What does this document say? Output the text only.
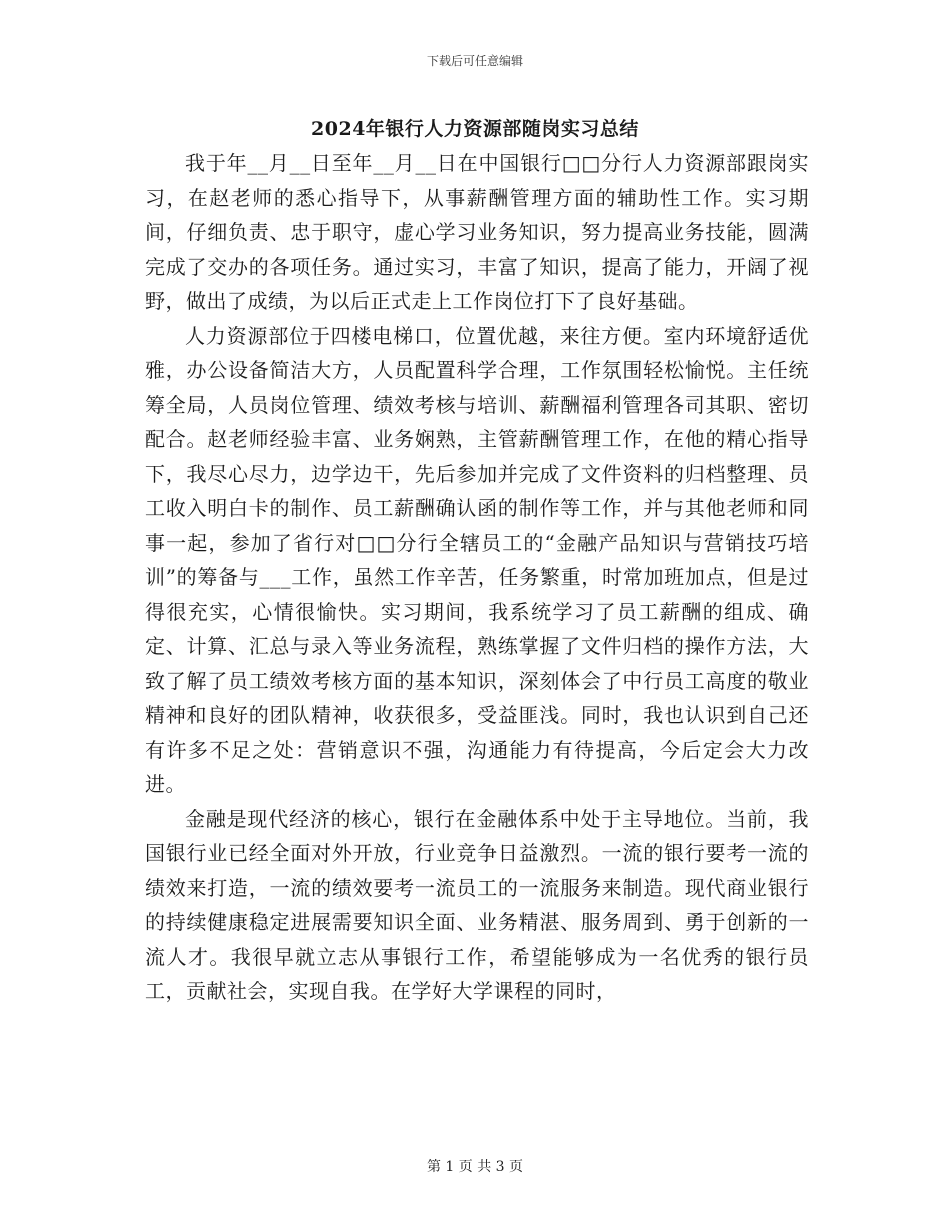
下载后可任意编辑
2024年银行人力资源部随岗实习总结

我于年__月__日至年__月__日在中国银行□□分行人力资源部跟岗实习，在赵老师的悉心指导下，从事薪酬管理方面的辅助性工作。实习期间，仔细负责、忠于职守，虚心学习业务知识，努力提高业务技能，圆满完成了交办的各项任务。通过实习，丰富了知识，提高了能力，开阔了视野，做出了成绩，为以后正式走上工作岗位打下了良好基础。

人力资源部位于四楼电梯口，位置优越，来往方便。室内环境舒适优雅，办公设备简洁大方，人员配置科学合理，工作氛围轻松愉悦。主任统筹全局，人员岗位管理、绩效考核与培训、薪酬福利管理各司其职、密切配合。赵老师经验丰富、业务娴熟，主管薪酬管理工作，在他的精心指导下，我尽心尽力，边学边干，先后参加并完成了文件资料的归档整理、员工收入明白卡的制作、员工薪酬确认函的制作等工作，并与其他老师和同事一起，参加了省行对□□分行全辖员工的“金融产品知识与营销技巧培训”的筹备与___工作，虽然工作辛苦，任务繁重，时常加班加点，但是过得很充实，心情很愉快。实习期间，我系统学习了员工薪酬的组成、确定、计算、汇总与录入等业务流程，熟练掌握了文件归档的操作方法，大致了解了员工绩效考核方面的基本知识，深刻体会了中行员工高度的敬业精神和良好的团队精神，收获很多，受益匪浅。同时，我也认识到自己还有许多不足之处：营销意识不强，沟通能力有待提高，今后定会大力改进。

金融是现代经济的核心，银行在金融体系中处于主导地位。当前，我国银行业已经全面对外开放，行业竞争日益激烈。一流的银行要考一流的绩效来打造，一流的绩效要考一流员工的一流服务来制造。现代商业银行的持续健康稳定进展需要知识全面、业务精湛、服务周到、勇于创新的一流人才。我很早就立志从事银行工作，希望能够成为一名优秀的银行员工，贡献社会，实现自我。在学好大学课程的同时，

第 1 页 共 3 页
